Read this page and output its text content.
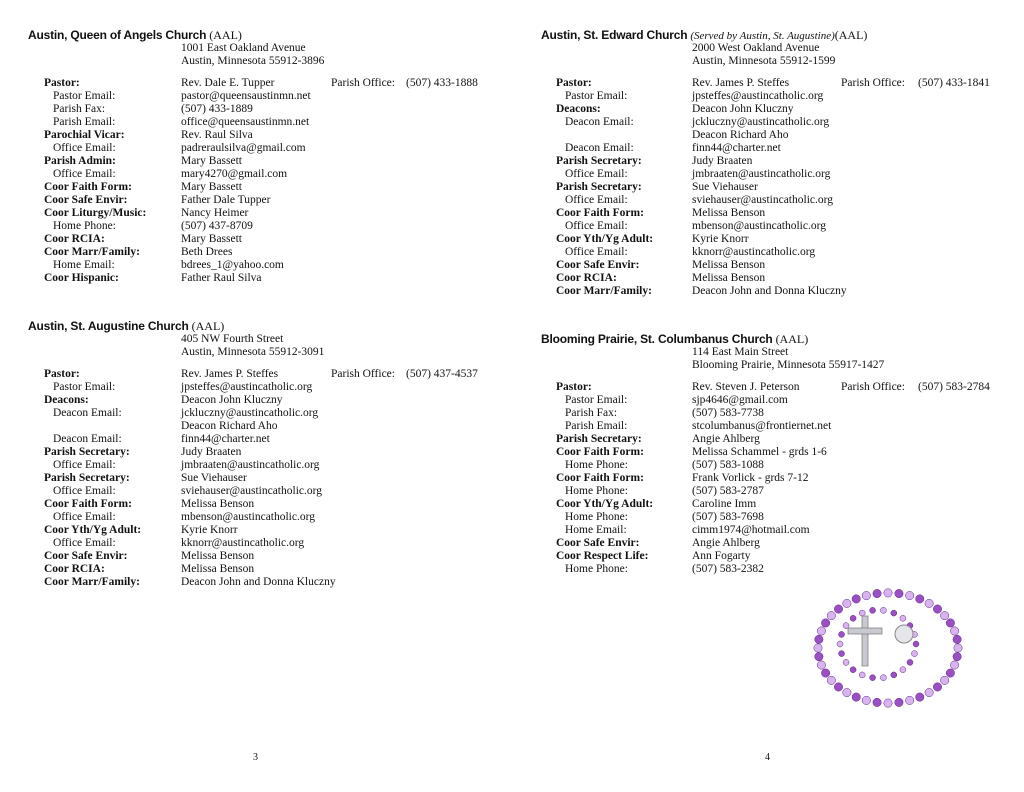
Austin, Queen of Angels Church (AAL)
1001 East Oakland Avenue
Austin, Minnesota 55912-3896
Pastor:	Rev. Dale E. Tupper	Parish Office: (507) 433-1888
Pastor Email:	pastor@queensaustinmn.net
Parish Fax:	(507) 433-1889
Parish Email:	office@queensaustinmn.net
Parochial Vicar:	Rev. Raul Silva
Office Email:	padreraulsilva@gmail.com
Parish Admin:	Mary Bassett
Office Email:	mary4270@gmail.com
Coor Faith Form:	Mary Bassett
Coor Safe Envir:	Father Dale Tupper
Coor Liturgy/Music:	Nancy Heimer
Home Phone:	(507) 437-8709
Coor RCIA:	Mary Bassett
Coor Marr/Family:	Beth Drees
Home Email:	bdrees_1@yahoo.com
Coor Hispanic:	Father Raul Silva
Austin, St. Augustine Church (AAL)
405 NW Fourth Street
Austin, Minnesota 55912-3091
Pastor:	Rev. James P. Steffes	Parish Office: (507) 437-4537
Pastor Email:	jpsteffes@austincatholic.org
Deacons:	Deacon John Kluczny
Deacon Email:	jckluczny@austincatholic.org
Deacon Richard Aho
Deacon Email:	finn44@charter.net
Parish Secretary:	Judy Braaten
Office Email:	jmbraaten@austincatholic.org
Parish Secretary:	Sue Viehauser
Office Email:	sviehauser@austincatholic.org
Coor Faith Form:	Melissa Benson
Office Email:	mbenson@austincatholic.org
Coor Yth/Yg Adult:	Kyrie Knorr
Office Email:	kknorr@austincatholic.org
Coor Safe Envir:	Melissa Benson
Coor RCIA:	Melissa Benson
Coor Marr/Family:	Deacon John and Donna Kluczny
Austin, St. Edward Church (Served by Austin, St. Augustine)(AAL)
2000 West Oakland Avenue
Austin, Minnesota 55912-1599
Pastor:	Rev. James P. Steffes	Parish Office: (507) 433-1841
Pastor Email:	jpsteffes@austincatholic.org
Deacons:	Deacon John Kluczny
Deacon Email:	jckluczny@austincatholic.org
Deacon Richard Aho
Deacon Email:	finn44@charter.net
Parish Secretary:	Judy Braaten
Office Email:	jmbraaten@austincatholic.org
Parish Secretary:	Sue Viehauser
Office Email:	sviehauser@austincatholic.org
Coor Faith Form:	Melissa Benson
Office Email:	mbenson@austincatholic.org
Coor Yth/Yg Adult:	Kyrie Knorr
Office Email:	kknorr@austincatholic.org
Coor Safe Envir:	Melissa Benson
Coor RCIA:	Melissa Benson
Coor Marr/Family:	Deacon John and Donna Kluczny
Blooming Prairie, St. Columbanus Church (AAL)
114 East Main Street
Blooming Prairie, Minnesota 55917-1427
Pastor:	Rev. Steven J. Peterson	Parish Office: (507) 583-2784
Pastor Email:	sjp4646@gmail.com
Parish Fax:	(507) 583-7738
Parish Email:	stcolumbanus@frontiernet.net
Parish Secretary:	Angie Ahlberg
Coor Faith Form:	Melissa Schammel - grds 1-6
Home Phone:	(507) 583-1088
Coor Faith Form:	Frank Vorlick - grds 7-12
Home Phone:	(507) 583-2787
Coor Yth/Yg Adult:	Caroline Imm
Home Phone:	(507) 583-7698
Home Email:	cimm1974@hotmail.com
Coor Safe Envir:	Angie Ahlberg
Coor Respect Life:	Ann Fogarty
Home Phone:	(507) 583-2382
3	4
